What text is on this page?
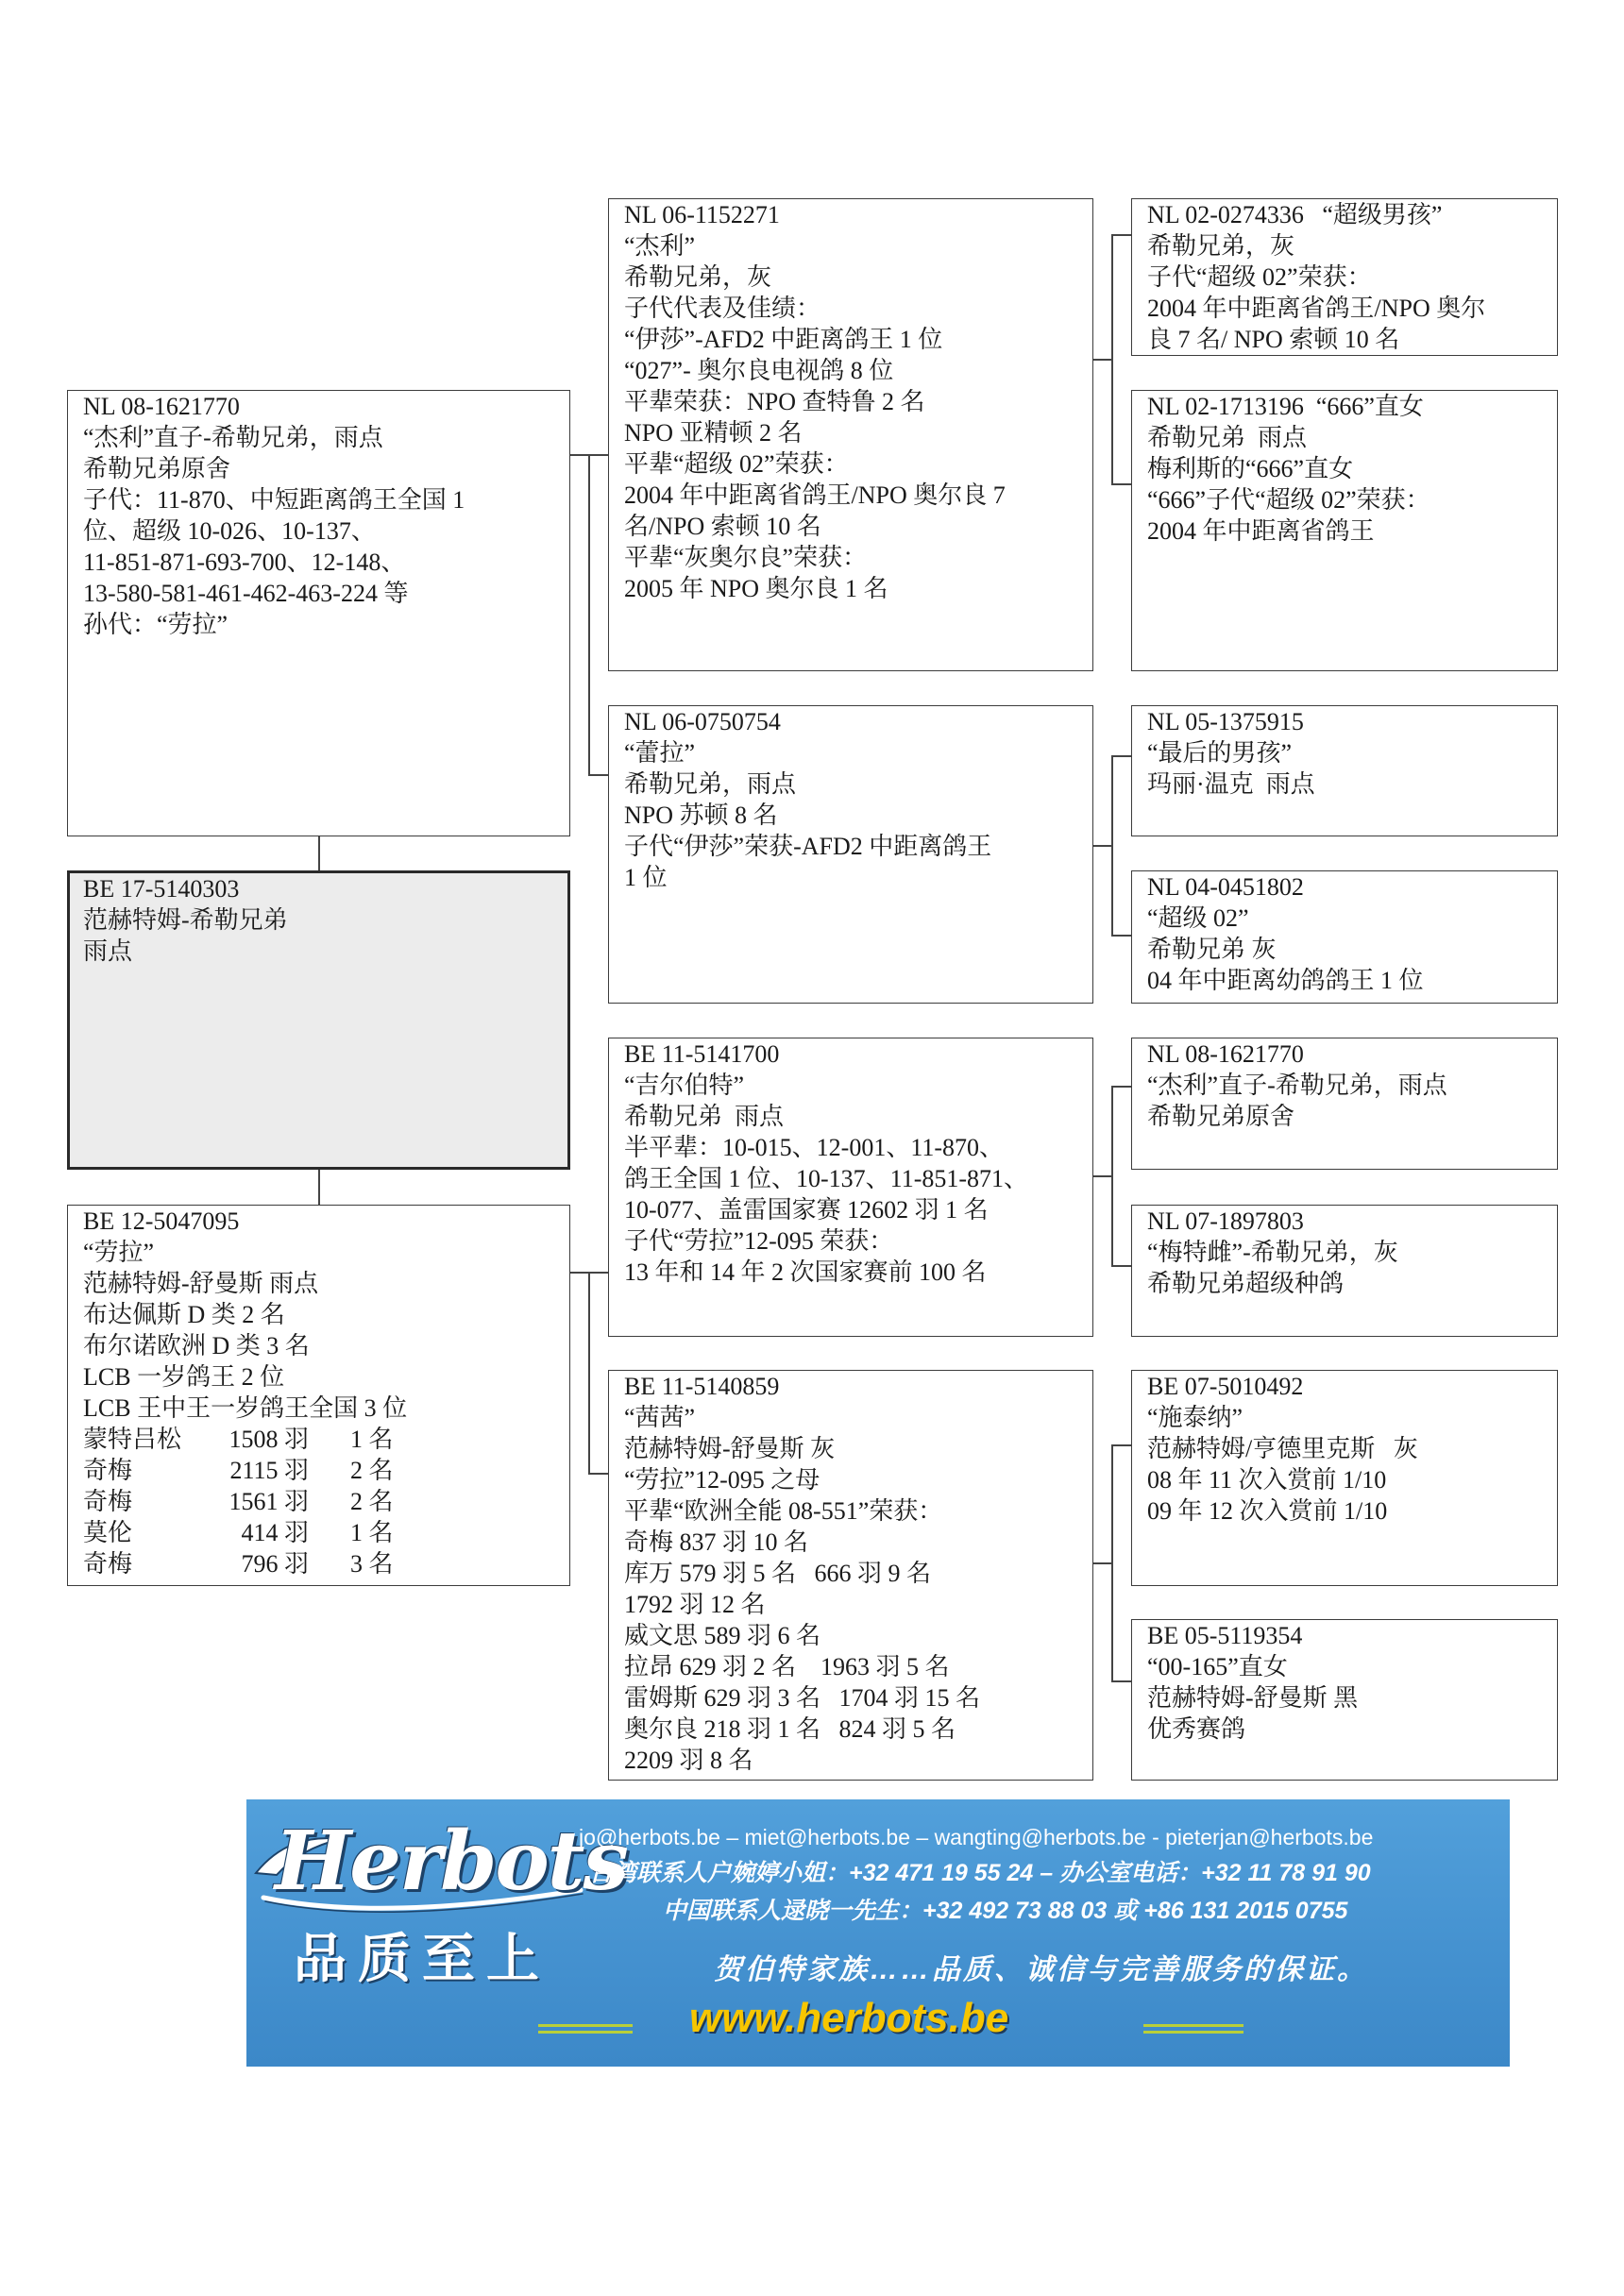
NL 08-1621770
“杰利”直子-希勒兄弟，雨点
希勒兄弟原舍
子代：11-870、中短距离鸽王全国 1
位、超级 10-026、10-137、
11-851-871-693-700、12-148、
13-580-581-461-462-463-224 等
孙代：“劳拉”
BE 17-5140303
范赫特姆-希勒兄弟
雨点
BE 12-5047095
“劳拉”
范赫特姆-舒曼斯 雨点
布达佩斯 D 类 2 名
布尔诺欧洲 D 类 3 名
LCB 一岁鸽王 2 位
LCB 王中王一岁鸽王全国 3 位
蒙特吕松	1508 羽	1 名
奇梅	2115 羽	2 名
奇梅	1561 羽	2 名
莫伦	414 羽	1 名
奇梅	796 羽	3 名
NL 06-1152271
“杰利”
希勒兄弟，灰
子代代表及佳绩：
“伊莎”-AFD2 中距离鸽王 1 位
“027”- 奥尔良电视鸽 8 位
平辈荣获：NPO 查特鲁 2 名
NPO 亚精顿 2 名
平辈“超级 02”荣获：
2004 年中距离省鸽王/NPO 奥尔良 7
名/NPO 索顿 10 名
平辈“灰奥尔良”荣获：
2005 年 NPO 奥尔良 1 名
NL 06-0750754
“蕾拉”
希勒兄弟，雨点
NPO 苏顿 8 名
子代“伊莎”荣获-AFD2 中距离鸽王
1 位
BE 11-5141700
“吉尔伯特”
希勒兄弟  雨点
半平辈：10-015、12-001、11-870、
鸽王全国 1 位、10-137、11-851-871、
10-077、盖雷国家赛 12602 羽 1 名
子代“劳拉”12-095 荣获：
13 年和 14 年 2 次国家赛前 100 名
BE 11-5140859
“茜茜”
范赫特姆-舒曼斯 灰
“劳拉”12-095 之母
平辈“欧洲全能 08-551”荣获：
奇梅 837 羽 10 名
库万 579 羽 5 名   666 羽 9 名
1792 羽 12 名
威文思 589 羽 6 名
拉昂 629 羽 2 名    1963 羽 5 名
雷姆斯 629 羽 3 名   1704 羽 15 名
奥尔良 218 羽 1 名   824 羽 5 名
2209 羽 8 名
NL 02-0274336   “超级男孩”
希勒兄弟，灰
子代“超级 02”荣获：
2004 年中距离省鸽王/NPO 奥尔
良 7 名/ NPO 索顿 10 名
NL 02-1713196  “666”直女
希勒兄弟  雨点
梅利斯的“666”直女
“666”子代“超级 02”荣获：
2004 年中距离省鸽王
NL 05-1375915
“最后的男孩”
玛丽·温克  雨点
NL 04-0451802
“超级 02”
希勒兄弟 灰
04 年中距离幼鸽鸽王 1 位
NL 08-1621770
“杰利”直子-希勒兄弟，雨点
希勒兄弟原舍
NL 07-1897803
“梅特雌”-希勒兄弟，灰
希勒兄弟超级种鸽
BE 07-5010492
“施泰纳”
范赫特姆/亨德里克斯   灰
08 年 11 次入赏前 1/10
09 年 12 次入赏前 1/10
BE 05-5119354
“00-165”直女
范赫特姆-舒曼斯 黑
优秀赛鸽
Herbots
品质至上
jo@herbots.be – miet@herbots.be – wangting@herbots.be - pieterjan@herbots.be
台湾联系人户婉婷小姐：+32 471 19 55 24 – 办公室电话：+32 11 78 91 90
中国联系人逯晓一先生：+32 492 73 88 03 或 +86 131 2015 0755
贺伯特家族……品质、诚信与完善服务的保证。
www.herbots.be
